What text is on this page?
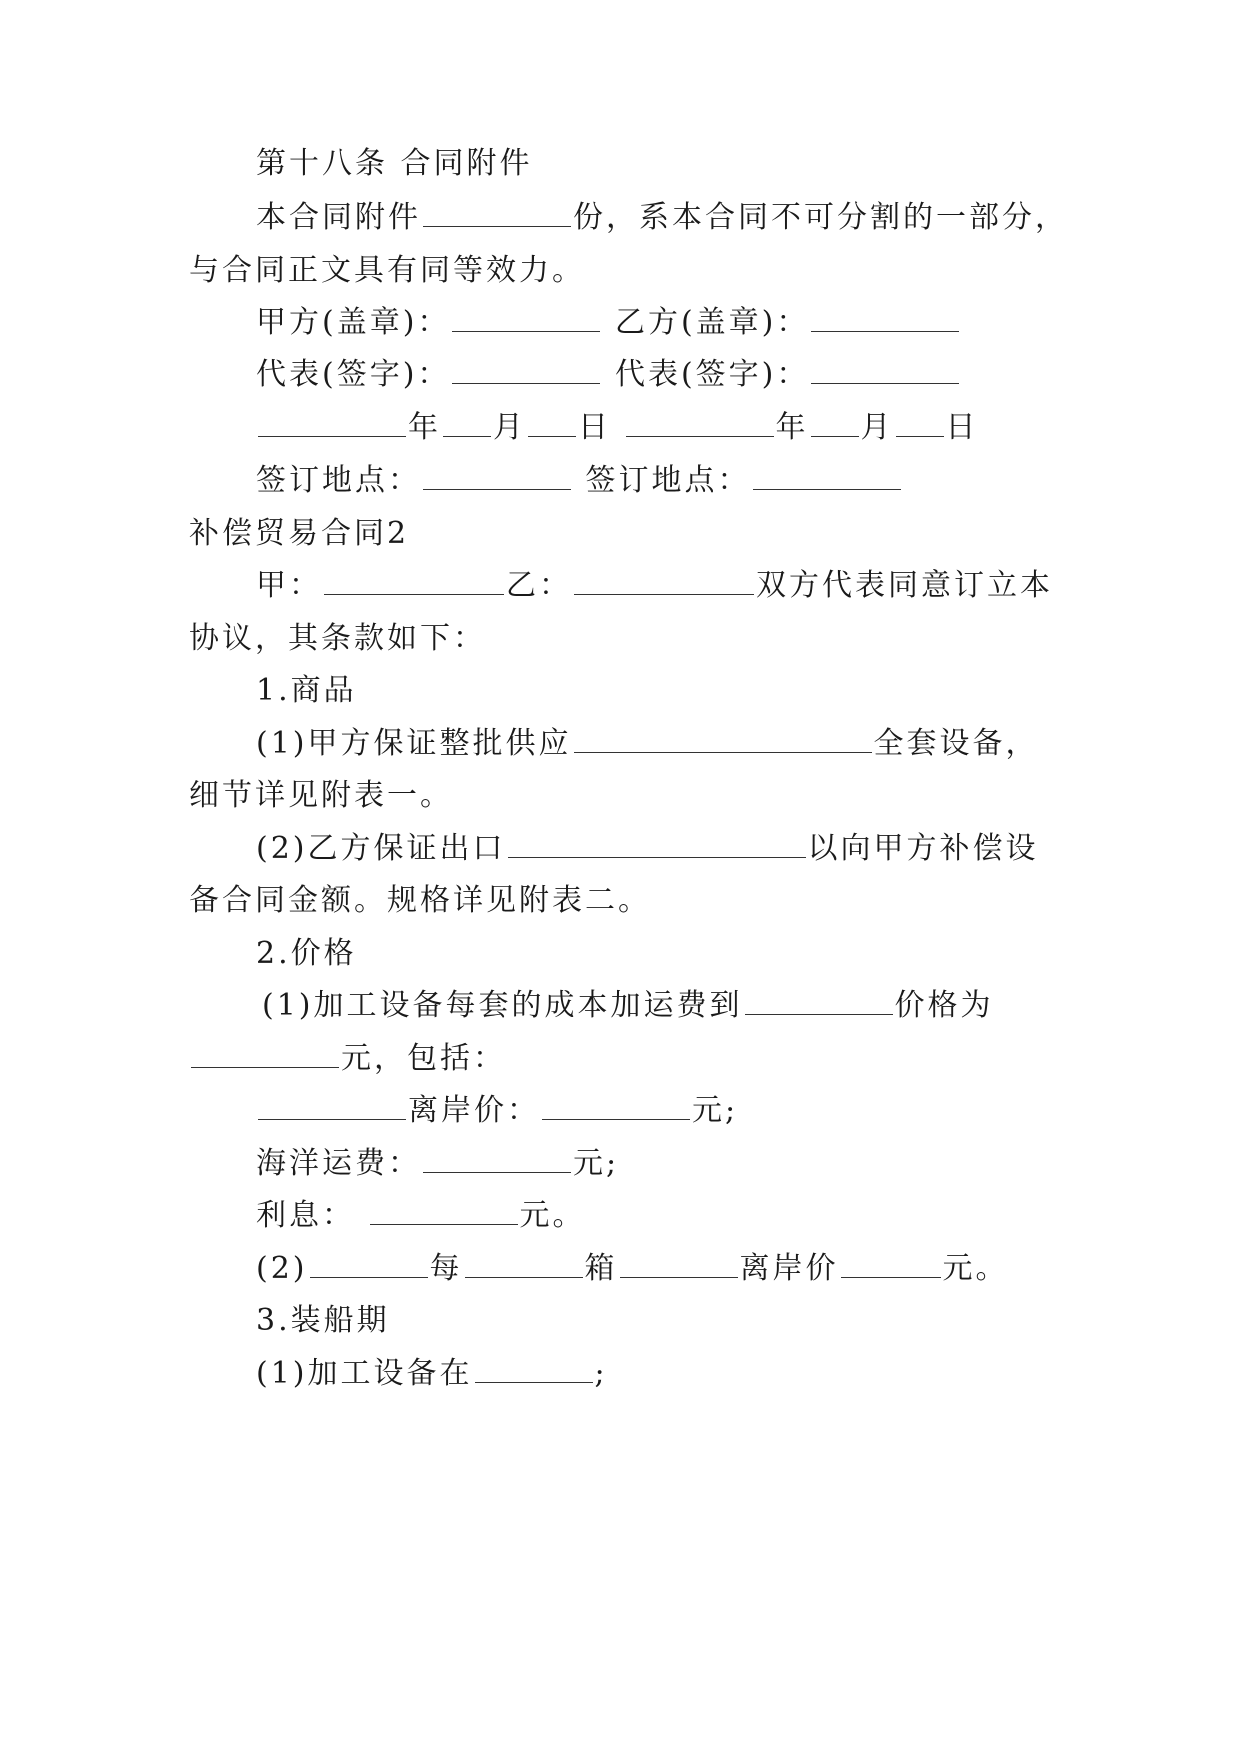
第十八条 合同附件
本合同附件	份，系本合同不可分割的一部分，
与合同正文具有同等效力。
甲方(盖章)：	乙方(盖章)：
代表(签字)：	代表(签字)：
年 月 日	年 月 日
签订地点：	签订地点：
补偿贸易合同2
甲：	乙：	双方代表同意订立本
协议，其条款如下：
1.商品
(1)甲方保证整批供应	全套设备，
细节详见附表一。
(2)乙方保证出口	以向甲方补偿设
备合同金额。规格详见附表二。
2.价格
(1)加工设备每套的成本加运费到	价格为
元，包括：
离岸价：	元;
海洋运费：	元;
利息：	元。
(2)	每	箱	离岸价	元。
3.装船期
(1)加工设备在	;
